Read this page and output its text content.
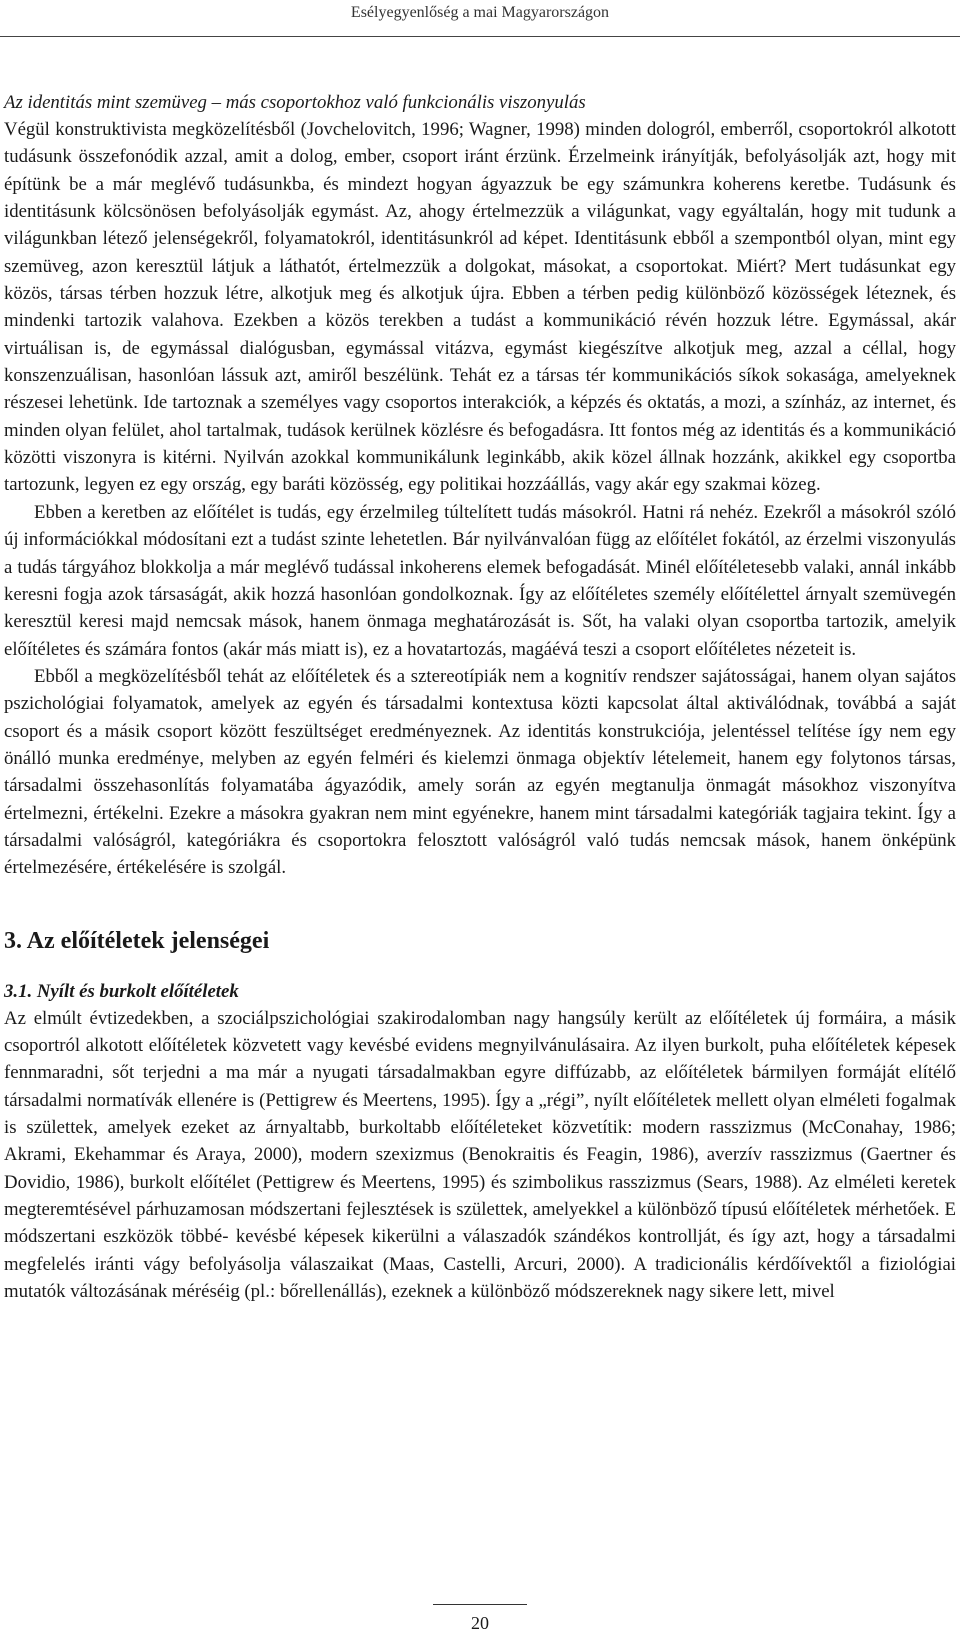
Esélyegyenlőség a mai Magyarországon

Az identitás mint szemüveg – más csoportokhoz való funkcionális viszonyulás

Végül konstruktivista megközelítésből (Jovchelovitch, 1996; Wagner, 1998) minden dologról, emberről, csoportokról alkotott tudásunk összefonódik azzal, amit a dolog, ember, csoport iránt érzünk. Érzelmeink irányítják, befolyásolják azt, hogy mit építünk be a már meglévő tudásunkba, és mindezt hogyan ágyazzuk be egy számunkra koherens keretbe. Tudásunk és identitásunk kölcsönösen befolyásolják egymást. Az, ahogy értelmezzük a világunkat, vagy egyáltalán, hogy mit tudunk a világunkban létező jelenségekről, folyamatokról, identitásunkról ad képet. Identitásunk ebből a szempontból olyan, mint egy szemüveg, azon keresztül látjuk a láthatót, értelmezzük a dolgokat, másokat, a csoportokat. Miért? Mert tudásunkat egy közös, társas térben hozzuk létre, alkotjuk meg és alkotjuk újra. Ebben a térben pedig különböző közösségek léteznek, és mindenki tartozik valahova. Ezekben a közös terekben a tudást a kommunikáció révén hozzuk létre. Egymással, akár virtuálisan is, de egymással dialógusban, egymással vitázva, egymást kiegészítve alkotjuk meg, azzal a céllal, hogy konszenzuálisan, hasonlóan lássuk azt, amiről beszélünk. Tehát ez a társas tér kommunikációs síkok sokasága, amelyeknek részesei lehetünk. Ide tartoznak a személyes vagy csoportos interakciók, a képzés és oktatás, a mozi, a színház, az internet, és minden olyan felület, ahol tartalmak, tudások kerülnek közlésre és befogadásra. Itt fontos még az identitás és a kommunikáció közötti viszonyra is kitérni. Nyilván azokkal kommunikálunk leginkább, akik közel állnak hozzánk, akikkel egy csoportba tartozunk, legyen ez egy ország, egy baráti közösség, egy politikai hozzáállás, vagy akár egy szakmai közeg.

Ebben a keretben az előítélet is tudás, egy érzelmileg túltelített tudás másokról. Hatni rá nehéz. Ezekről a másokról szóló új információkkal módosítani ezt a tudást szinte lehetetlen. Bár nyilvánvalóan függ az előítélet fokától, az érzelmi viszonyulás a tudás tárgyához blokkolja a már meglévő tudással inkoherens elemek befogadását. Minél előítéletesebb valaki, annál inkább keresni fogja azok társaságát, akik hozzá hasonlóan gondolkoznak. Így az előítéletes személy előítélettel árnyalt szemüvegén keresztül keresi majd nemcsak mások, hanem önmaga meghatározását is. Sőt, ha valaki olyan csoportba tartozik, amelyik előítéletes és számára fontos (akár más miatt is), ez a hovatartozás, magáévá teszi a csoport előítéletes nézeteit is.

Ebből a megközelítésből tehát az előítéletek és a sztereotípiák nem a kognitív rendszer sajátosságai, hanem olyan sajátos pszichológiai folyamatok, amelyek az egyén és társadalmi kontextusa közti kapcsolat által aktiválódnak, továbbá a saját csoport és a másik csoport között feszültséget eredményeznek. Az identitás konstrukciója, jelentéssel telítése így nem egy önálló munka eredménye, melyben az egyén felméri és kielemzi önmaga objektív lételemeit, hanem egy folytonos társas, társadalmi összehasonlítás folyamatába ágyazódik, amely során az egyén megtanulja önmagát másokhoz viszonyítva értelmezni, értékelni. Ezekre a másokra gyakran nem mint egyénekre, hanem mint társadalmi kategóriák tagjaira tekint. Így a társadalmi valóságról, kategóriákra és csoportokra felosztott valóságról való tudás nemcsak mások, hanem önképünk értelmezésére, értékelésére is szolgál.

3. Az előítéletek jelenségei
3.1. Nyílt és burkolt előítéletek

Az elmúlt évtizedekben, a szociálpszichológiai szakirodalomban nagy hangsúly került az előítéletek új formáira, a másik csoportról alkotott előítéletek közvetett vagy kevésbé evidens megnyilvánulásaira. Az ilyen burkolt, puha előítéletek képesek fennmaradni, sőt terjedni a ma már a nyugati társadalmakban egyre diffúzabb, az előítéletek bármilyen formáját elítélő társadalmi normatívák ellenére is (Pettigrew és Meertens, 1995). Így a „régi”, nyílt előítéletek mellett olyan elméleti fogalmak is születtek, amelyek ezeket az árnyaltabb, burkoltabb előítéleteket közvetítik: modern rasszizmus (McConahay, 1986; Akrami, Ekehammar és Araya, 2000), modern szexizmus (Benokraitis és Feagin, 1986), averzív rasszizmus (Gaertner és Dovidio, 1986), burkolt előítélet (Pettigrew és Meertens, 1995) és szimbolikus rasszizmus (Sears, 1988). Az elméleti keretek megteremtésével párhuzamosan módszertani fejlesztések is születtek, amelyekkel a különböző típusú előítéletek mérhetőek. E módszertani eszközök többé- kevésbé képesek kikerülni a válaszadók szándékos kontrollját, és így azt, hogy a társadalmi megfelelés iránti vágy befolyásolja válaszaikat (Maas, Castelli, Arcuri, 2000). A tradicionális kérdőívektől a fiziológiai mutatók változásának méréséig (pl.: bőrellenállás), ezeknek a különböző módszereknek nagy sikere lett, mivel

20
